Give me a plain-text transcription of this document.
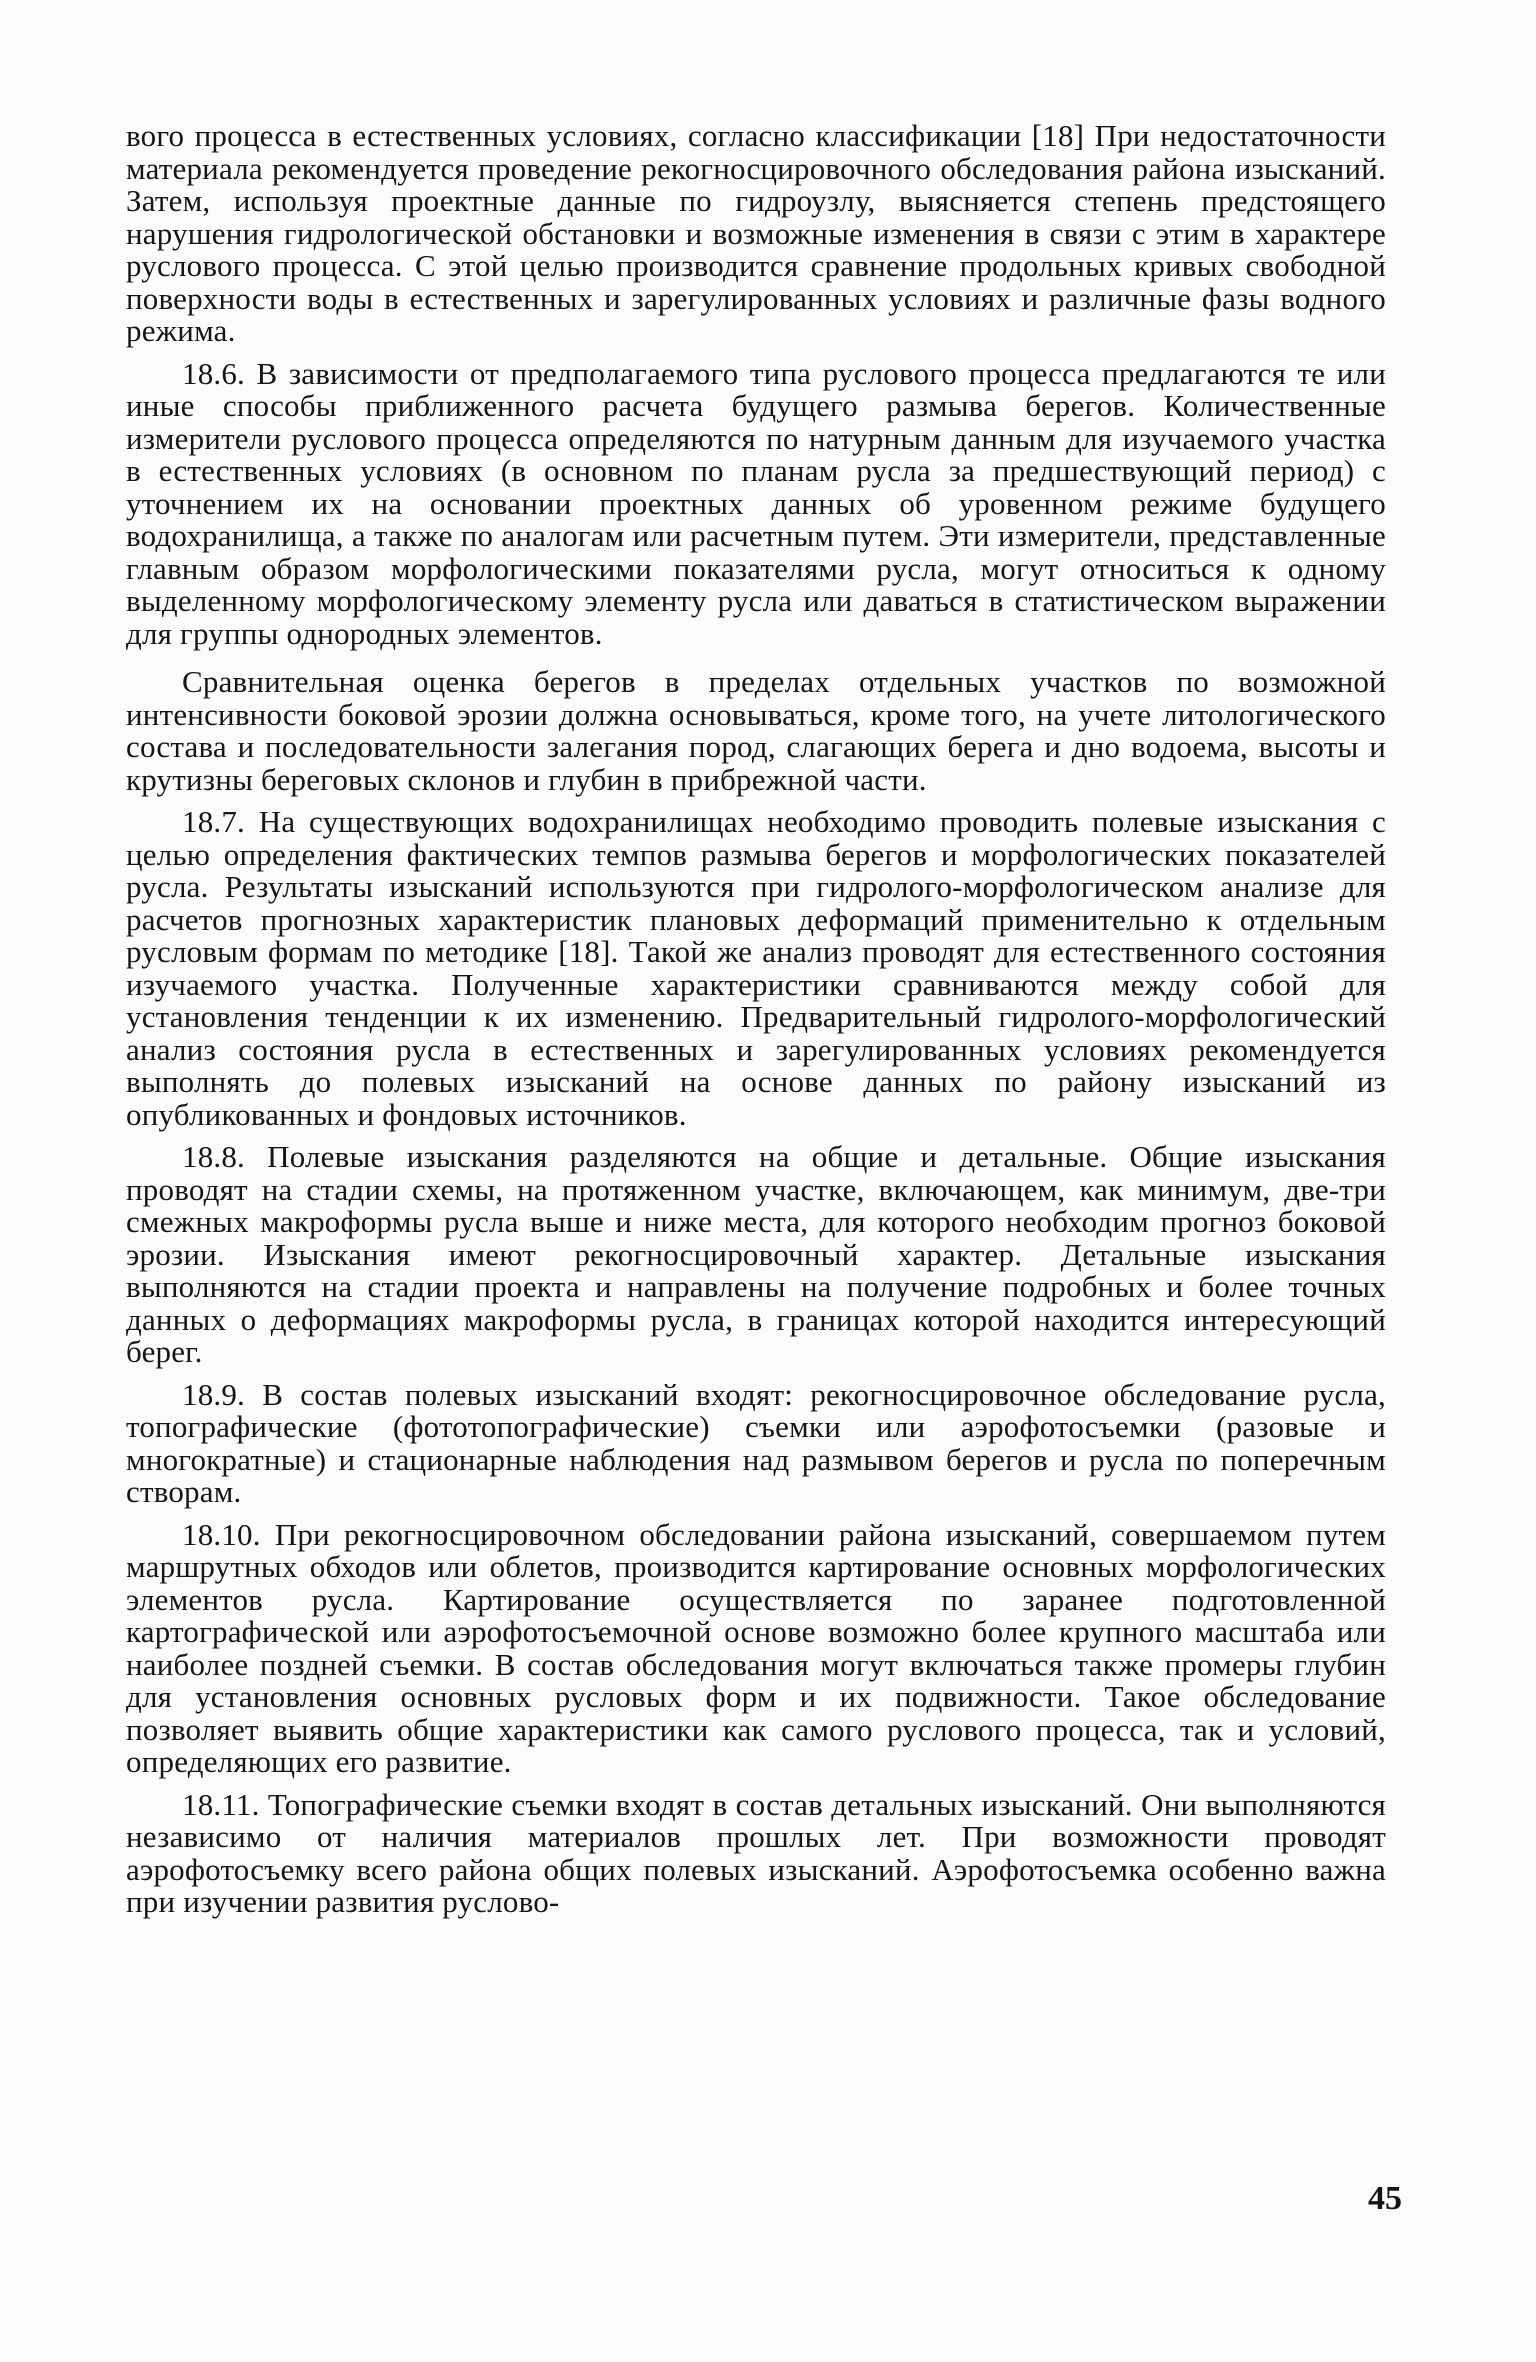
вого процесса в естественных условиях, согласно классификации [18] При недостаточности материала рекомендуется проведение рекогносцировочного обследования района изысканий. Затем, используя проектные данные по гидроузлу, выясняется степень предстоящего нарушения гидрологической обстановки и возможные изменения в связи с этим в характере руслового процесса. С этой целью производится сравнение продольных кривых свободной поверхности воды в естественных и зарегулированных условиях и различные фазы водного режима.

18.6. В зависимости от предполагаемого типа руслового процесса предлагаются те или иные способы приближенного расчета будущего размыва берегов. Количественные измерители руслового процесса определяются по натурным данным для изучаемого участка в естественных условиях (в основном по планам русла за предшествующий период) с уточнением их на основании проектных данных об уровенном режиме будущего водохранилища, а также по аналогам или расчетным путем. Эти измерители, представленные главным образом морфологическими показателями русла, могут относиться к одному выделенному морфологическому элементу русла или даваться в статистическом выражении для группы однородных элементов.

Сравнительная оценка берегов в пределах отдельных участков по возможной интенсивности боковой эрозии должна основываться, кроме того, на учете литологического состава и последовательности залегания пород, слагающих берега и дно водоема, высоты и крутизны береговых склонов и глубин в прибрежной части.

18.7. На существующих водохранилищах необходимо проводить полевые изыскания с целью определения фактических темпов размыва берегов и морфологических показателей русла. Результаты изысканий используются при гидролого-морфологическом анализе для расчетов прогнозных характеристик плановых деформаций применительно к отдельным русловым формам по методике [18]. Такой же анализ проводят для естественного состояния изучаемого участка. Полученные характеристики сравниваются между собой для установления тенденции к их изменению. Предварительный гидролого-морфологический анализ состояния русла в естественных и зарегулированных условиях рекомендуется выполнять до полевых изысканий на основе данных по району изысканий из опубликованных и фондовых источников.

18.8. Полевые изыскания разделяются на общие и детальные. Общие изыскания проводят на стадии схемы, на протяженном участке, включающем, как минимум, две-три смежных макроформы русла выше и ниже места, для которого необходим прогноз боковой эрозии. Изыскания имеют рекогносцировочный характер. Детальные изыскания выполняются на стадии проекта и направлены на получение подробных и более точных данных о деформациях макроформы русла, в границах которой находится интересующий берег.

18.9. В состав полевых изысканий входят: рекогносцировочное обследование русла, топографические (фототопографические) съемки или аэрофотосъемки (разовые и многократные) и стационарные наблюдения над размывом берегов и русла по поперечным створам.

18.10. При рекогносцировочном обследовании района изысканий, совершаемом путем маршрутных обходов или облетов, производится картирование основных морфологических элементов русла. Картирование осуществляется по заранее подготовленной картографической или аэрофотосъемочной основе возможно более крупного масштаба или наиболее поздней съемки. В состав обследования могут включаться также промеры глубин для установления основных русловых форм и их подвижности. Такое обследование позволяет выявить общие характеристики как самого руслового процесса, так и условий, определяющих его развитие.

18.11. Топографические съемки входят в состав детальных изысканий. Они выполняются независимо от наличия материалов прошлых лет. При возможности проводят аэрофотосъемку всего района общих полевых изысканий. Аэрофотосъемка особенно важна при изучении развития руслово-

45
